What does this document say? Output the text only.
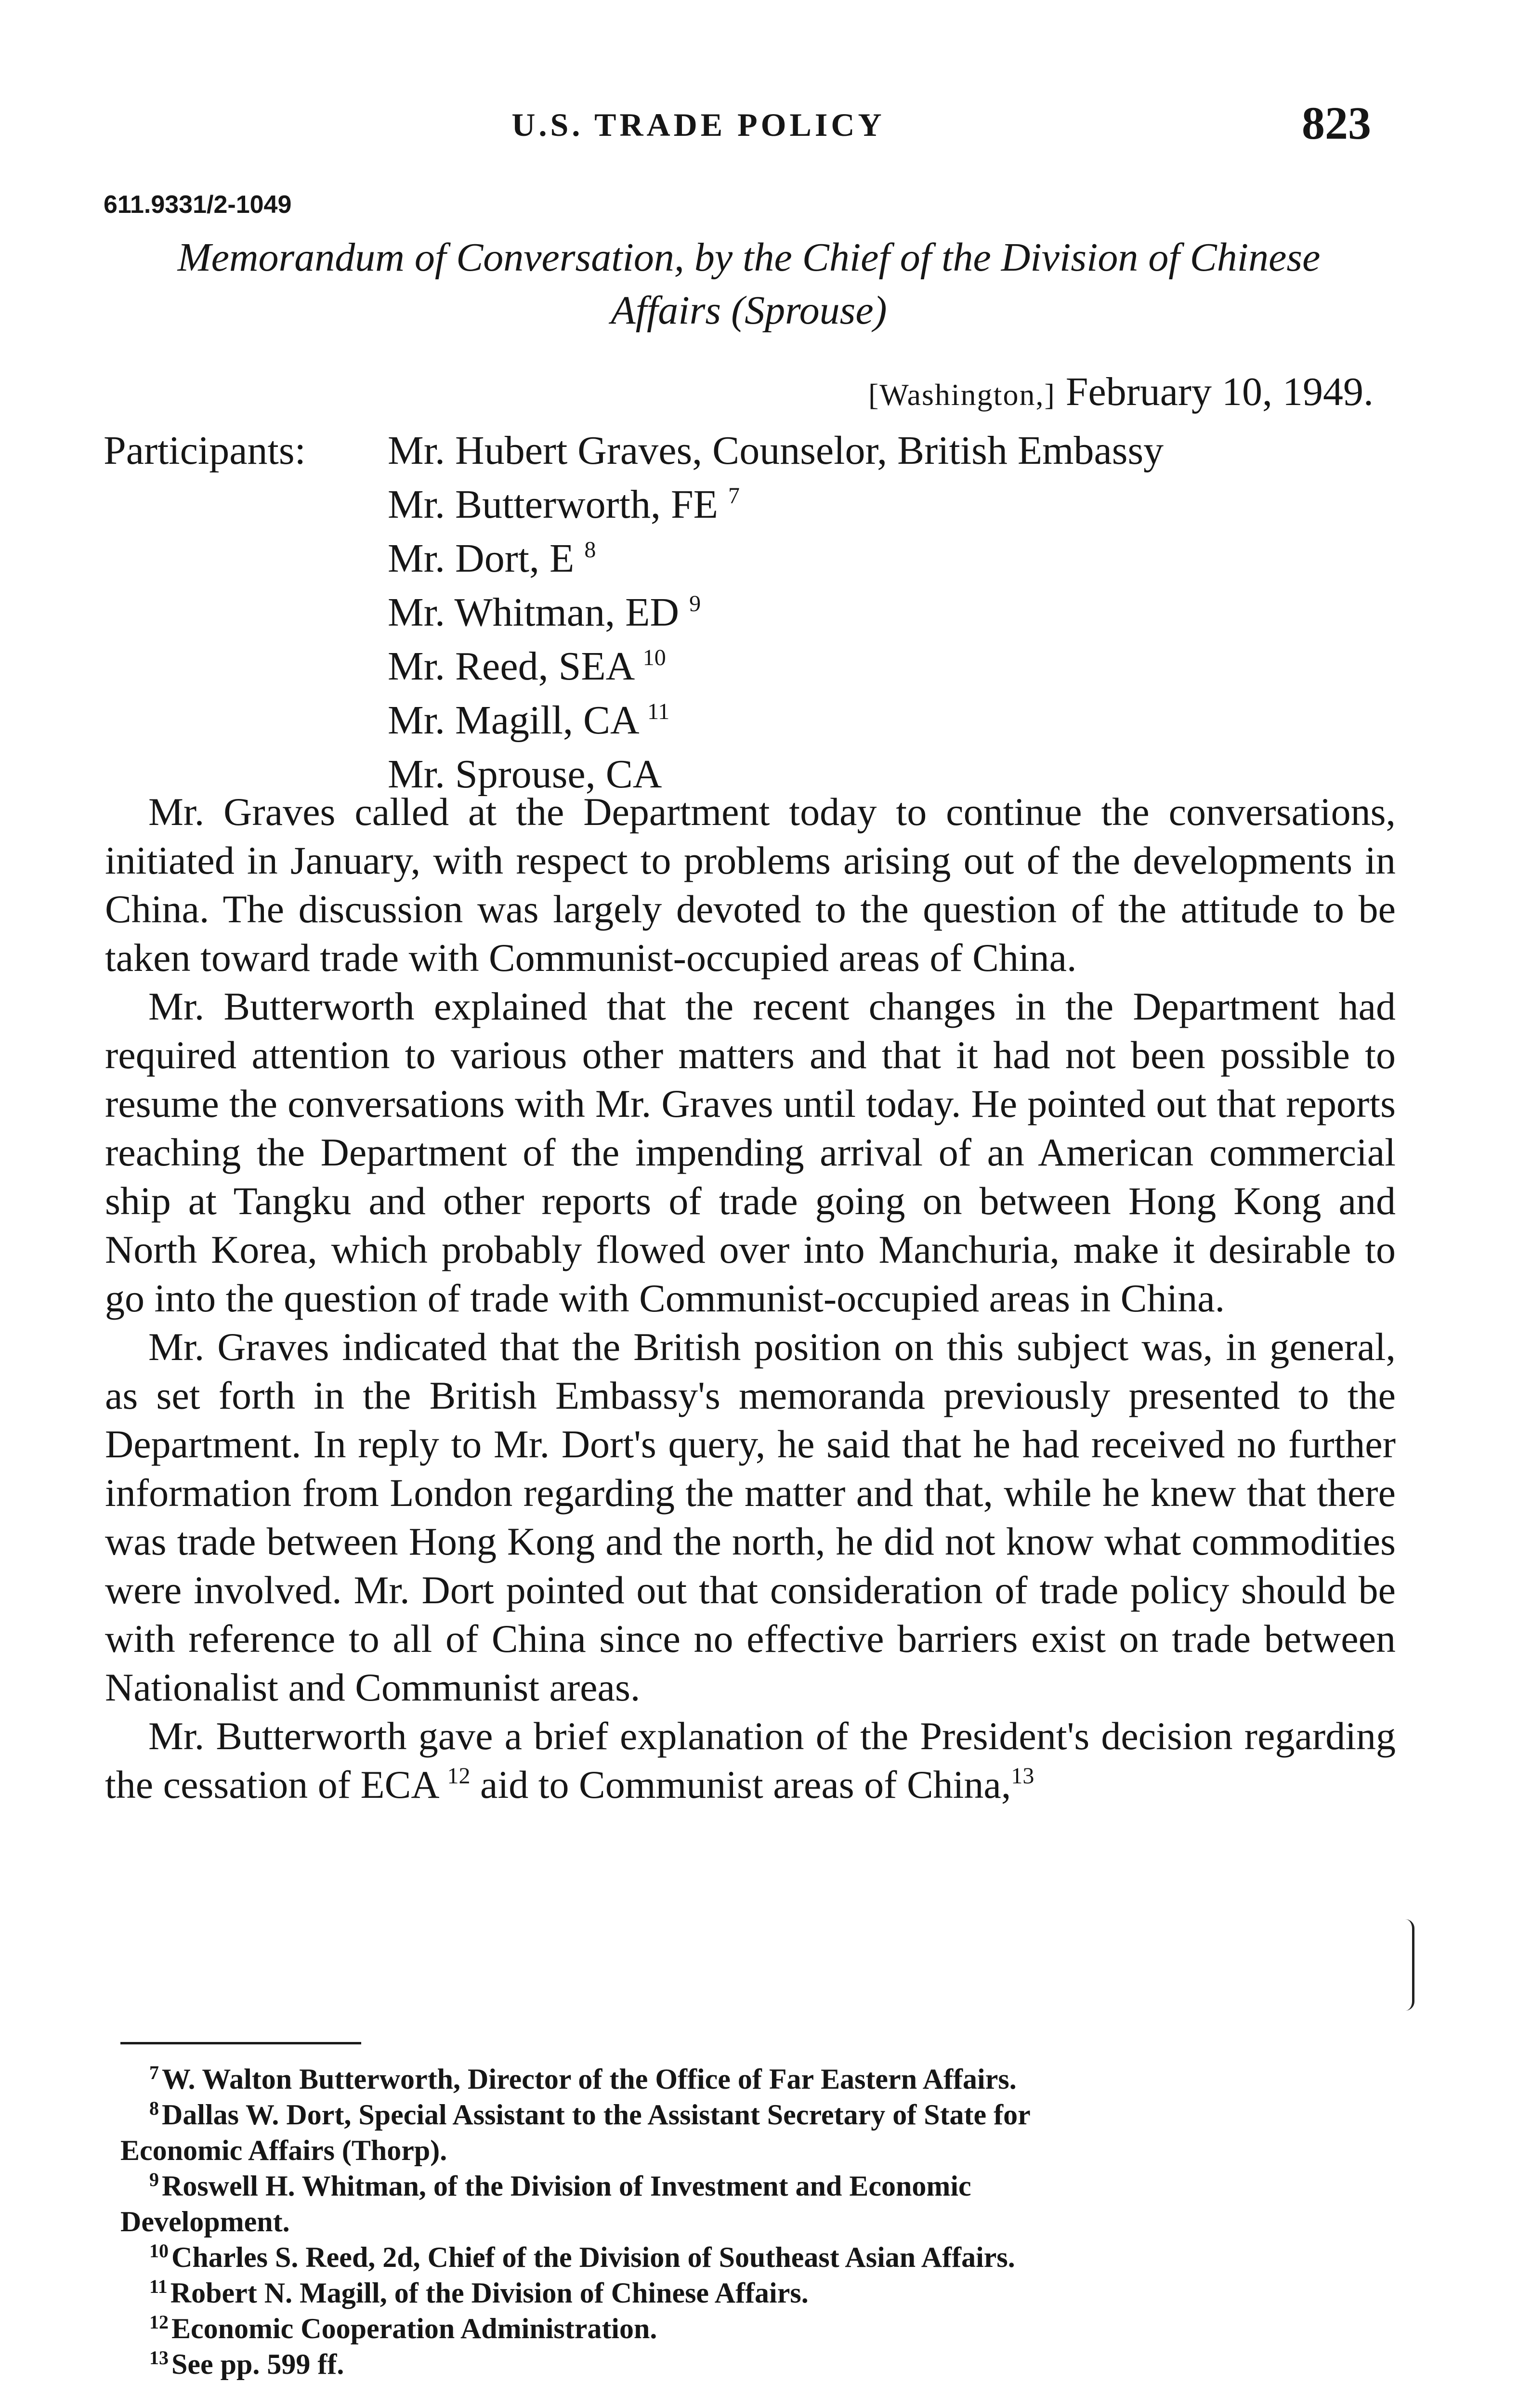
U.S. TRADE POLICY	823
611.9331/2-1049
Memorandum of Conversation, by the Chief of the Division of Chinese
Affairs (Sprouse)
[Washington,] February 10, 1949.
Participants: Mr. Hubert Graves, Counselor, British Embassy
Mr. Butterworth, FE $^7$
Mr. Dort, E $^8$
Mr. Whitman, ED $^9$
Mr. Reed, SEA $^{10}$
Mr. Magill, CA $^{11}$
Mr. Sprouse, CA

Mr. Graves called at the Department today to continue the conversations, initiated in January, with respect to problems arising out of the developments in China. The discussion was largely devoted to the question of the attitude to be taken toward trade with Communist-occupied areas of China.

Mr. Butterworth explained that the recent changes in the Department had required attention to various other matters and that it had not been possible to resume the conversations with Mr. Graves until today. He pointed out that reports reaching the Department of the impending arrival of an American commercial ship at Tangku and other reports of trade going on between Hong Kong and North Korea, which probably flowed over into Manchuria, make it desirable to go into the question of trade with Communist-occupied areas in China.

Mr. Graves indicated that the British position on this subject was, in general, as set forth in the British Embassy's memoranda previously presented to the Department. In reply to Mr. Dort's query, he said that he had received no further information from London regarding the matter and that, while he knew that there was trade between Hong Kong and the north, he did not know what commodities were involved. Mr. Dort pointed out that consideration of trade policy should be with reference to all of China since no effective barriers exist on trade between Nationalist and Communist areas.

Mr. Butterworth gave a brief explanation of the President's decision regarding the cessation of ECA $^{12}$ aid to Communist areas of China,$^{13}$

$^7$ W. Walton Butterworth, Director of the Office of Far Eastern Affairs.
$^8$ Dallas W. Dort, Special Assistant to the Assistant Secretary of State for
Economic Affairs (Thorp).
$^9$ Roswell H. Whitman, of the Division of Investment and Economic
Development.
$^{10}$ Charles S. Reed, 2d, Chief of the Division of Southeast Asian Affairs.
$^{11}$ Robert N. Magill, of the Division of Chinese Affairs.
$^{12}$ Economic Cooperation Administration.
$^{13}$ See pp. 599 ff.
